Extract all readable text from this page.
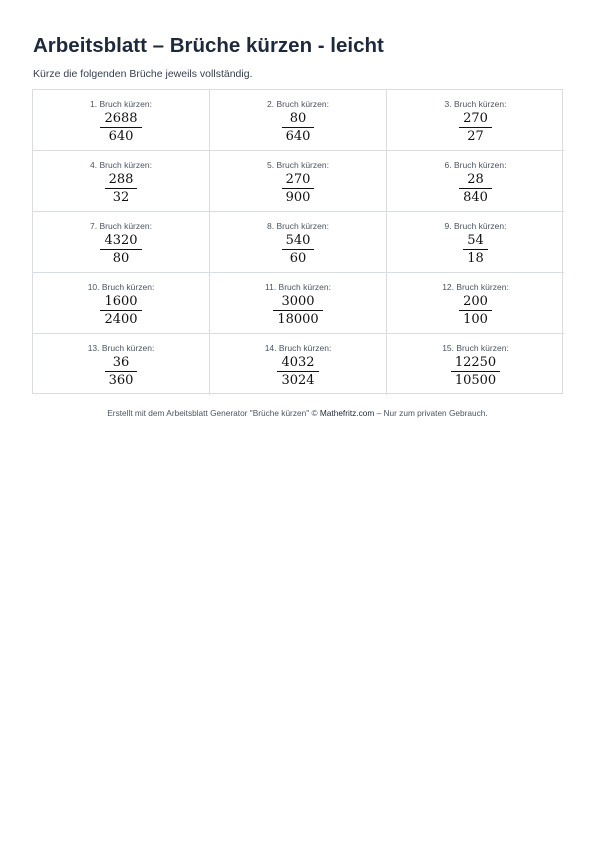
Arbeitsblatt – Brüche kürzen - leicht
Kürze die folgenden Brüche jeweils vollständig.
1. Bruch kürzen:
$\frac{2688}{640}$
2. Bruch kürzen:
$\frac{80}{640}$
3. Bruch kürzen:
$\frac{270}{27}$
4. Bruch kürzen:
$\frac{288}{32}$
5. Bruch kürzen:
$\frac{270}{900}$
6. Bruch kürzen:
$\frac{28}{840}$
7. Bruch kürzen:
$\frac{4320}{80}$
8. Bruch kürzen:
$\frac{540}{60}$
9. Bruch kürzen:
$\frac{54}{18}$
10. Bruch kürzen:
$\frac{1600}{2400}$
11. Bruch kürzen:
$\frac{3000}{18000}$
12. Bruch kürzen:
$\frac{200}{100}$
13. Bruch kürzen:
$\frac{36}{360}$
14. Bruch kürzen:
$\frac{4032}{3024}$
15. Bruch kürzen:
$\frac{12250}{10500}$
Erstellt mit dem Arbeitsblatt Generator "Brüche kürzen" © Mathefritz.com – Nur zum privaten Gebrauch.
